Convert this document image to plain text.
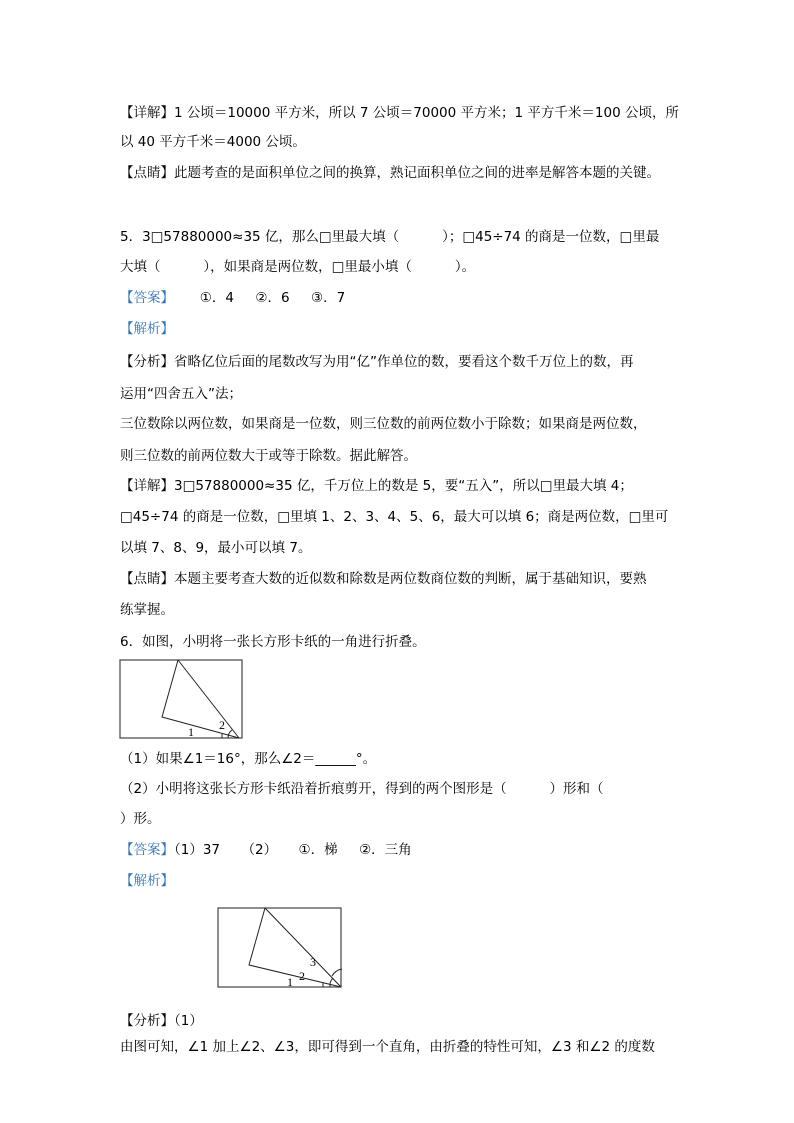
【详解】1 公顷＝10000 平方米，所以 7 公顷＝70000 平方米；1 平方千米＝100 公顷，所
以 40 平方千米＝4000 公顷。
【点睛】此题考查的是面积单位之间的换算，熟记面积单位之间的进率是解答本题的关键。
5．3□57880000≈35 亿，那么□里最大填（          ）；□45÷74 的商是一位数，□里最
大填（          ），如果商是两位数，□里最小填（          ）。
【答案】      ①．4     ②．6     ③．7
【解析】
【分析】省略亿位后面的尾数改写为用“亿”作单位的数，要看这个数千万位上的数，再
运用“四舍五入”法；
三位数除以两位数，如果商是一位数，则三位数的前两位数小于除数；如果商是两位数，
则三位数的前两位数大于或等于除数。据此解答。
【详解】3□57880000≈35 亿，千万位上的数是 5，要“五入”，所以□里最大填 4；
□45÷74 的商是一位数，□里填 1、2、3、4、5、6，最大可以填 6；商是两位数，□里可
以填 7、8、9，最小可以填 7。
【点睛】本题主要考查大数的近似数和除数是两位数商位数的判断，属于基础知识，要熟
练掌握。
6．如图，小明将一张长方形卡纸的一角进行折叠。
1 2
（1）如果∠1＝16°，那么∠2＝______°。
（2）小明将这张长方形卡纸沿着折痕剪开，得到的两个图形是（          ）形和（
）形。
【答案】（1）37     （2）     ①．梯     ②．三角
【解析】
1 2
3
【分析】（1）
由图可知，∠1 加上∠2、∠3，即可得到一个直角，由折叠的特性可知，∠3 和∠2 的度数
